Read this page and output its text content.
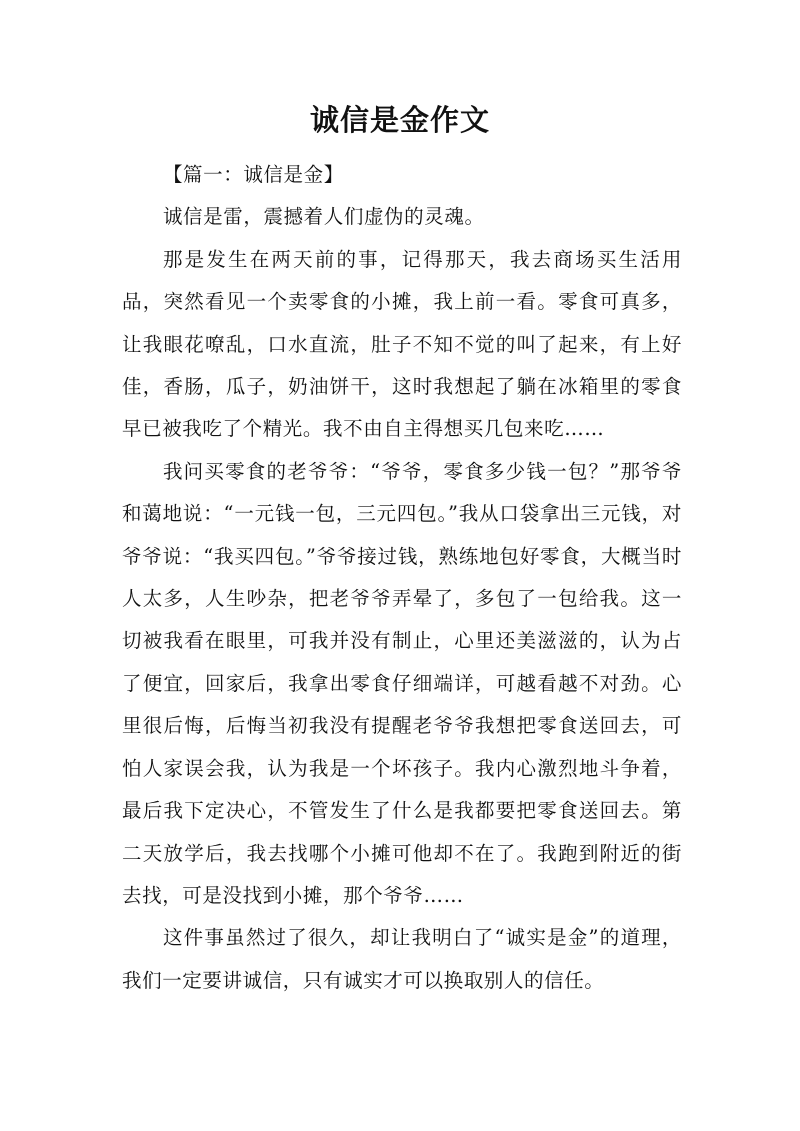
诚信是金作文

【篇一：诚信是金】

诚信是雷，震撼着人们虚伪的灵魂。

那是发生在两天前的事，记得那天，我去商场买生活用品，突然看见一个卖零食的小摊，我上前一看。零食可真多，让我眼花嘹乱，口水直流，肚子不知不觉的叫了起来，有上好佳，香肠，瓜子，奶油饼干，这时我想起了躺在冰箱里的零食早已被我吃了个精光。我不由自主得想买几包来吃……

我问买零食的老爷爷：“爷爷，零食多少钱一包？”那爷爷和蔼地说：“一元钱一包，三元四包。”我从口袋拿出三元钱，对爷爷说：“我买四包。”爷爷接过钱，熟练地包好零食，大概当时人太多，人生吵杂，把老爷爷弄晕了，多包了一包给我。这一切被我看在眼里，可我并没有制止，心里还美滋滋的，认为占了便宜，回家后，我拿出零食仔细端详，可越看越不对劲。心里很后悔，后悔当初我没有提醒老爷爷我想把零食送回去，可怕人家误会我，认为我是一个坏孩子。我内心激烈地斗争着，最后我下定决心，不管发生了什么是我都要把零食送回去。第二天放学后，我去找哪个小摊可他却不在了。我跑到附近的街去找，可是没找到小摊，那个爷爷……

这件事虽然过了很久，却让我明白了“诚实是金”的道理，我们一定要讲诚信，只有诚实才可以换取别人的信任。
